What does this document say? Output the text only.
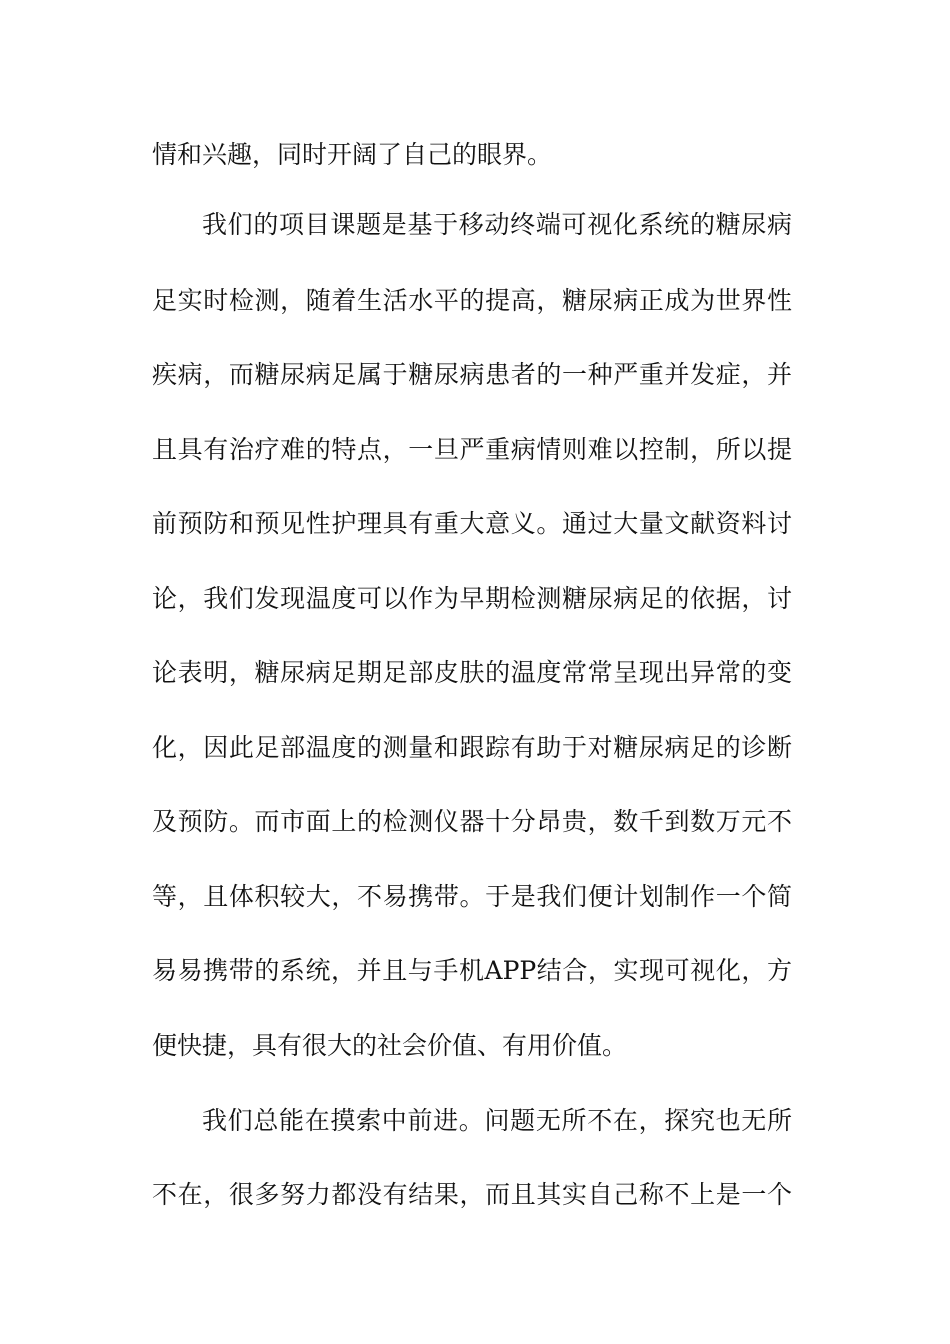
情和兴趣，同时开阔了自己的眼界。
我们的项目课题是基于移动终端可视化系统的糖尿病
足实时检测，随着生活水平的提高，糖尿病正成为世界性
疾病，而糖尿病足属于糖尿病患者的一种严重并发症，并
且具有治疗难的特点，一旦严重病情则难以控制，所以提
前预防和预见性护理具有重大意义。通过大量文献资料讨
论，我们发现温度可以作为早期检测糖尿病足的依据，讨
论表明，糖尿病足期足部皮肤的温度常常呈现出异常的变
化，因此足部温度的测量和跟踪有助于对糖尿病足的诊断
及预防。而市面上的检测仪器十分昂贵，数千到数万元不
等，且体积较大，不易携带。于是我们便计划制作一个简
易易携带的系统，并且与手机APP结合，实现可视化，方
便快捷，具有很大的社会价值、有用价值。
我们总能在摸索中前进。问题无所不在，探究也无所
不在，很多努力都没有结果，而且其实自己称不上是一个
